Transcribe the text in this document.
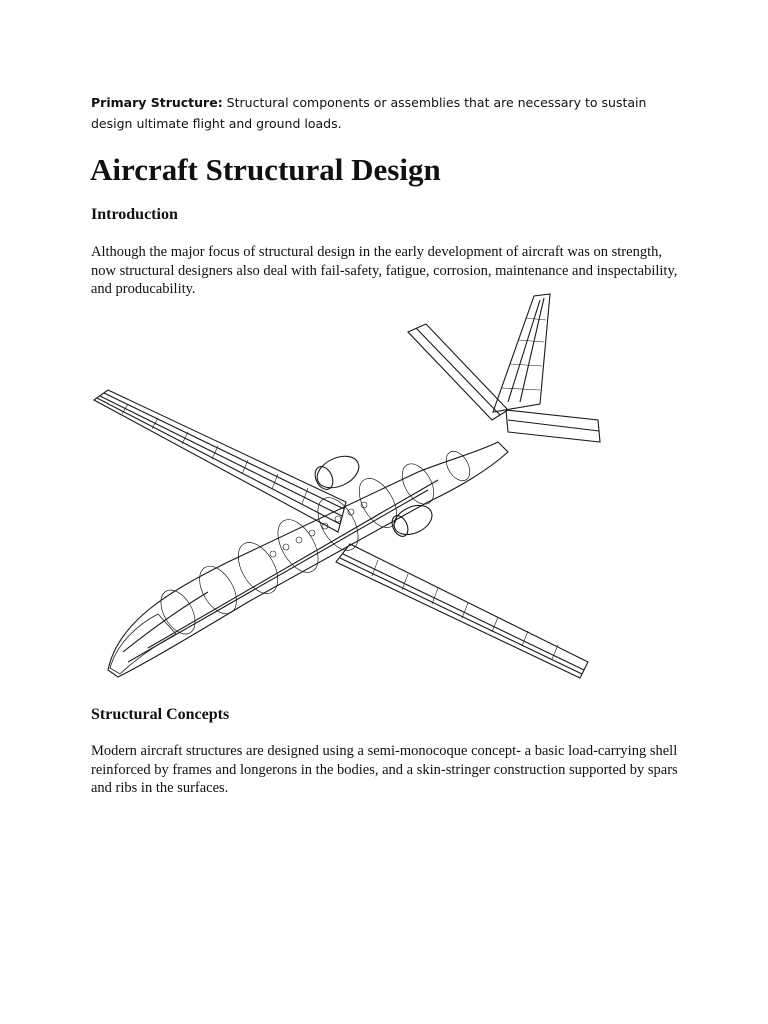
Primary Structure: Structural components or assemblies that are necessary to sustain design ultimate flight and ground loads.
Aircraft Structural Design
Introduction

Although the major focus of structural design in the early development of aircraft was on strength, now structural designers also deal with fail-safety, fatigue, corrosion, maintenance and inspectability, and producability.

Structural Concepts

Modern aircraft structures are designed using a semi-monocoque concept- a basic load-carrying shell reinforced by frames and longerons in the bodies, and a skin-stringer construction supported by spars and ribs in the surfaces.
